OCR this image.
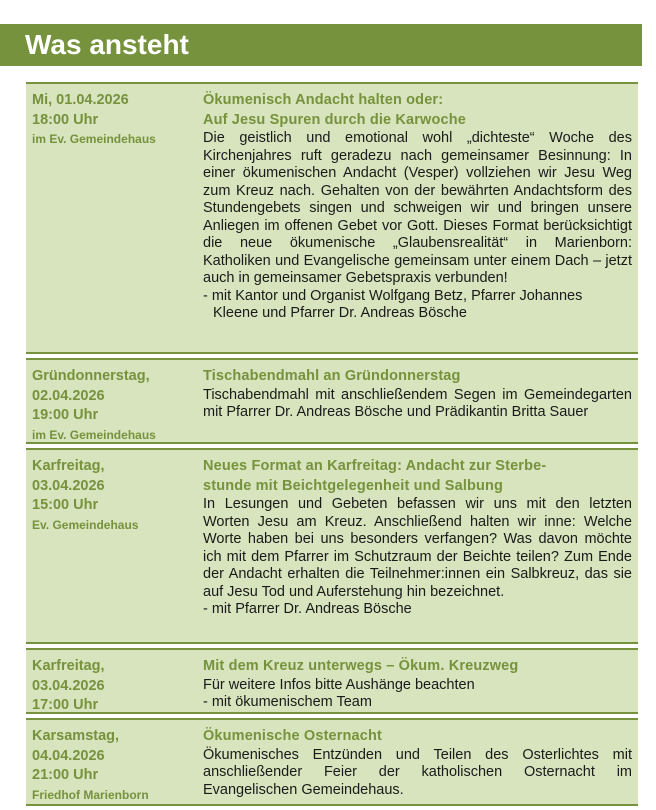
Was ansteht
Mi, 01.04.2026
18:00 Uhr
im Ev. Gemeindehaus
Ökumenisch Andacht halten oder:
Auf Jesu Spuren durch die Karwoche
Die geistlich und emotional wohl „dichteste“ Woche des Kirchenjahres ruft geradezu nach gemeinsamer Besinnung: In einer ökumenischen Andacht (Vesper) vollziehen wir Jesu Weg zum Kreuz nach. Gehalten von der bewährten Andachtsform des Stundengebets singen und schweigen wir und bringen unsere Anliegen im offenen Gebet vor Gott. Dieses Format berücksichtigt die neue ökumenische „Glaubensrealität“ in Marienborn: Katholiken und Evangelische gemeinsam unter einem Dach – jetzt auch in gemeinsamer Gebetspraxis verbunden!
- mit Kantor und Organist Wolfgang Betz, Pfarrer Johannes
Kleene und Pfarrer Dr. Andreas Bösche
Gründonnerstag,
02.04.2026
19:00 Uhr
im Ev. Gemeindehaus
Tischabendmahl an Gründonnerstag
Tischabendmahl mit anschließendem Segen im Gemeindegarten mit Pfarrer Dr. Andreas Bösche und Prädikantin Britta Sauer
Karfreitag,
03.04.2026
15:00 Uhr
Ev. Gemeindehaus
Neues Format an Karfreitag: Andacht zur Sterbe-
stunde mit Beichtgelegenheit und Salbung
In Lesungen und Gebeten befassen wir uns mit den letzten Worten Jesu am Kreuz. Anschließend halten wir inne: Welche Worte haben bei uns besonders verfangen? Was davon möchte ich mit dem Pfarrer im Schutzraum der Beichte teilen? Zum Ende der Andacht erhalten die Teilnehmer:innen ein Salbkreuz, das sie auf Jesu Tod und Auferstehung hin bezeichnet.
- mit Pfarrer Dr. Andreas Bösche
Karfreitag,
03.04.2026
17:00 Uhr
Mit dem Kreuz unterwegs – Ökum. Kreuzweg
Für weitere Infos bitte Aushänge beachten
- mit ökumenischem Team
Karsamstag,
04.04.2026
21:00 Uhr
Friedhof Marienborn
Ökumenische Osternacht
Ökumenisches Entzünden und Teilen des Osterlichtes mit anschließender Feier der katholischen Osternacht im Evangelischen Gemeindehaus.
